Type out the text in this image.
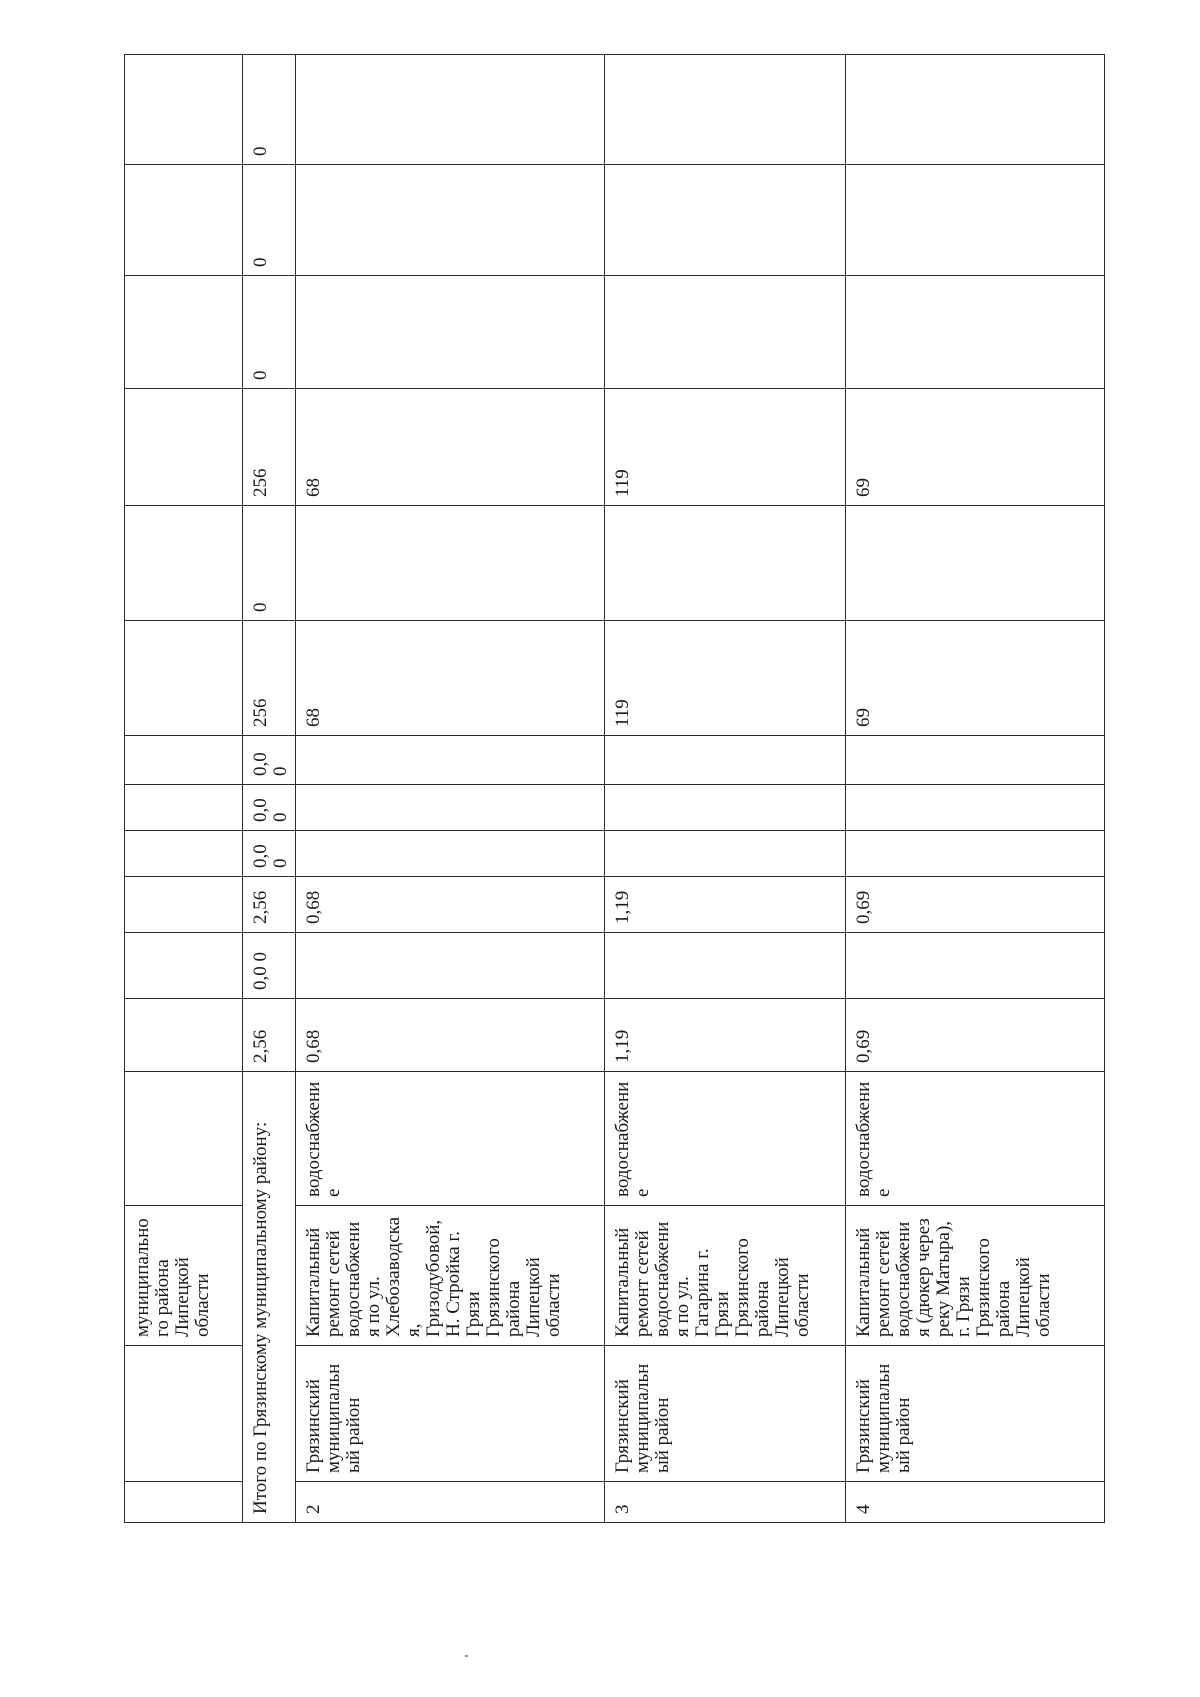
		муниципального района Липецкой области													
Итого по Грязинскому муниципальному району:				2,56	0,0 0	2,56	0,0 0	0,0 0	0,0 0	256	0	256	0	0	0
2	Грязинский муниципальный район	Капитальный ремонт сетей водоснабжения по ул. Хлебозаводская, Гризодубовой, Н. Стройка г. Грязи Грязинского района Липецкой области	водоснабжение	0,68		0,68				68		68			
3	Грязинский муниципальный район	Капитальный ремонт сетей водоснабжения по ул. Гагарина г. Грязи Грязинского района Липецкой области	водоснабжение	1,19		1,19				119		119			
4	Грязинский муниципальный район	Капитальный ремонт сетей водоснабжения (дюкер через реку Матыра), г. Грязи Грязинского района Липецкой области	водоснабжение	0,69		0,69				69		69			
